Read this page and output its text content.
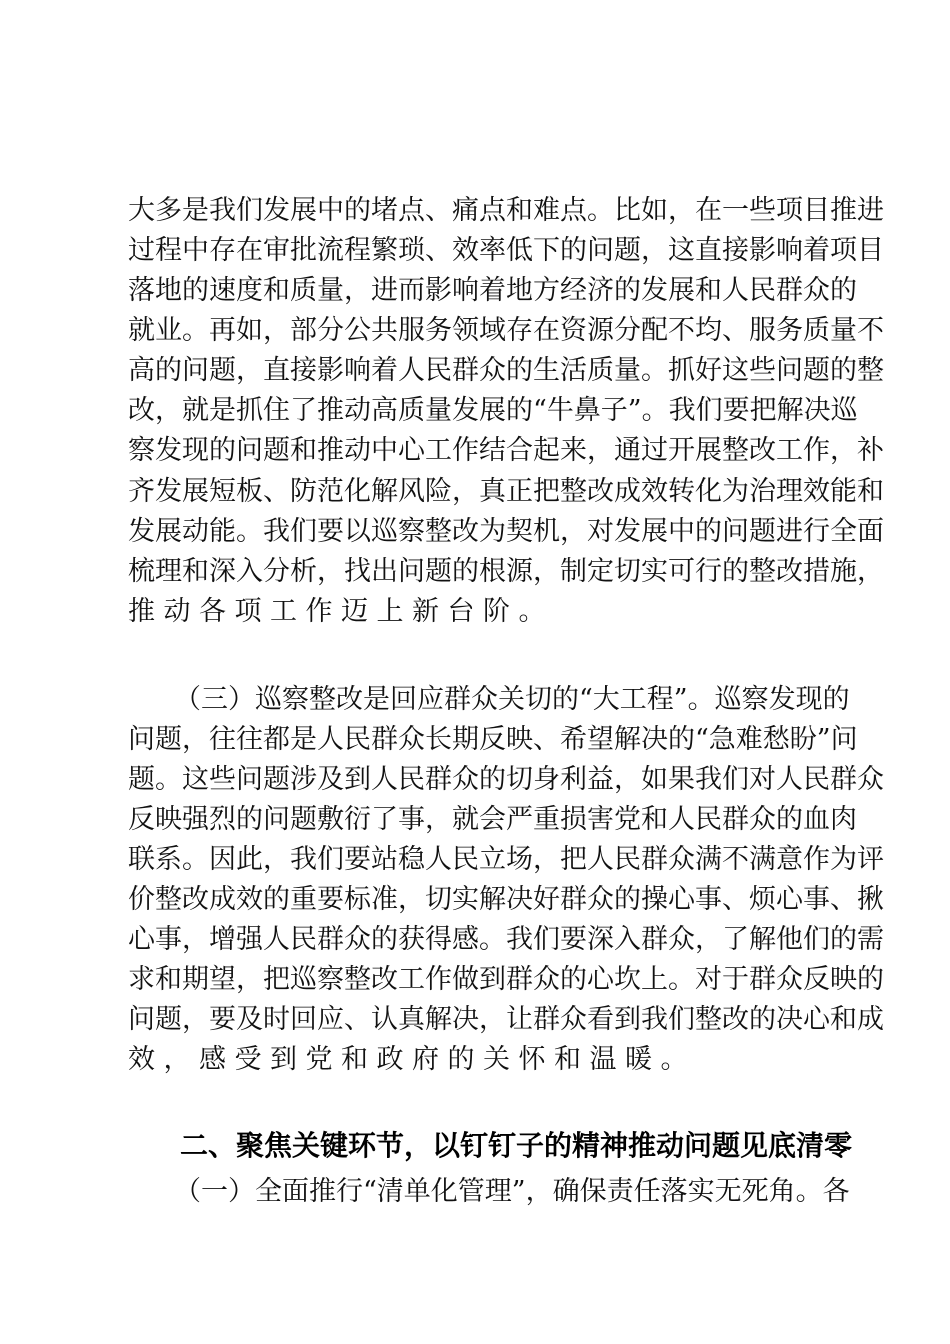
大多是我们发展中的堵点、痛点和难点。比如，在一些项目推进
过程中存在审批流程繁琐、效率低下的问题，这直接影响着项目
落地的速度和质量，进而影响着地方经济的发展和人民群众的
就业。再如，部分公共服务领域存在资源分配不均、服务质量不
高的问题，直接影响着人民群众的生活质量。抓好这些问题的整
改，就是抓住了推动高质量发展的“牛鼻子”。我们要把解决巡
察发现的问题和推动中心工作结合起来，通过开展整改工作，补
齐发展短板、防范化解风险，真正把整改成效转化为治理效能和
发展动能。我们要以巡察整改为契机，对发展中的问题进行全面
梳理和深入分析，找出问题的根源，制定切实可行的整改措施，
推动各项工作迈上新台阶。
（三）巡察整改是回应群众关切的“大工程”。巡察发现的
问题，往往都是人民群众长期反映、希望解决的“急难愁盼”问
题。这些问题涉及到人民群众的切身利益，如果我们对人民群众
反映强烈的问题敷衍了事，就会严重损害党和人民群众的血肉
联系。因此，我们要站稳人民立场，把人民群众满不满意作为评
价整改成效的重要标准，切实解决好群众的操心事、烦心事、揪
心事，增强人民群众的获得感。我们要深入群众，了解他们的需
求和期望，把巡察整改工作做到群众的心坎上。对于群众反映的
问题，要及时回应、认真解决，让群众看到我们整改的决心和成
效，感受到党和政府的关怀和温暖。
二、聚焦关键环节，以钉钉子的精神推动问题见底清零
（一）全面推行“清单化管理”，确保责任落实无死角。各
